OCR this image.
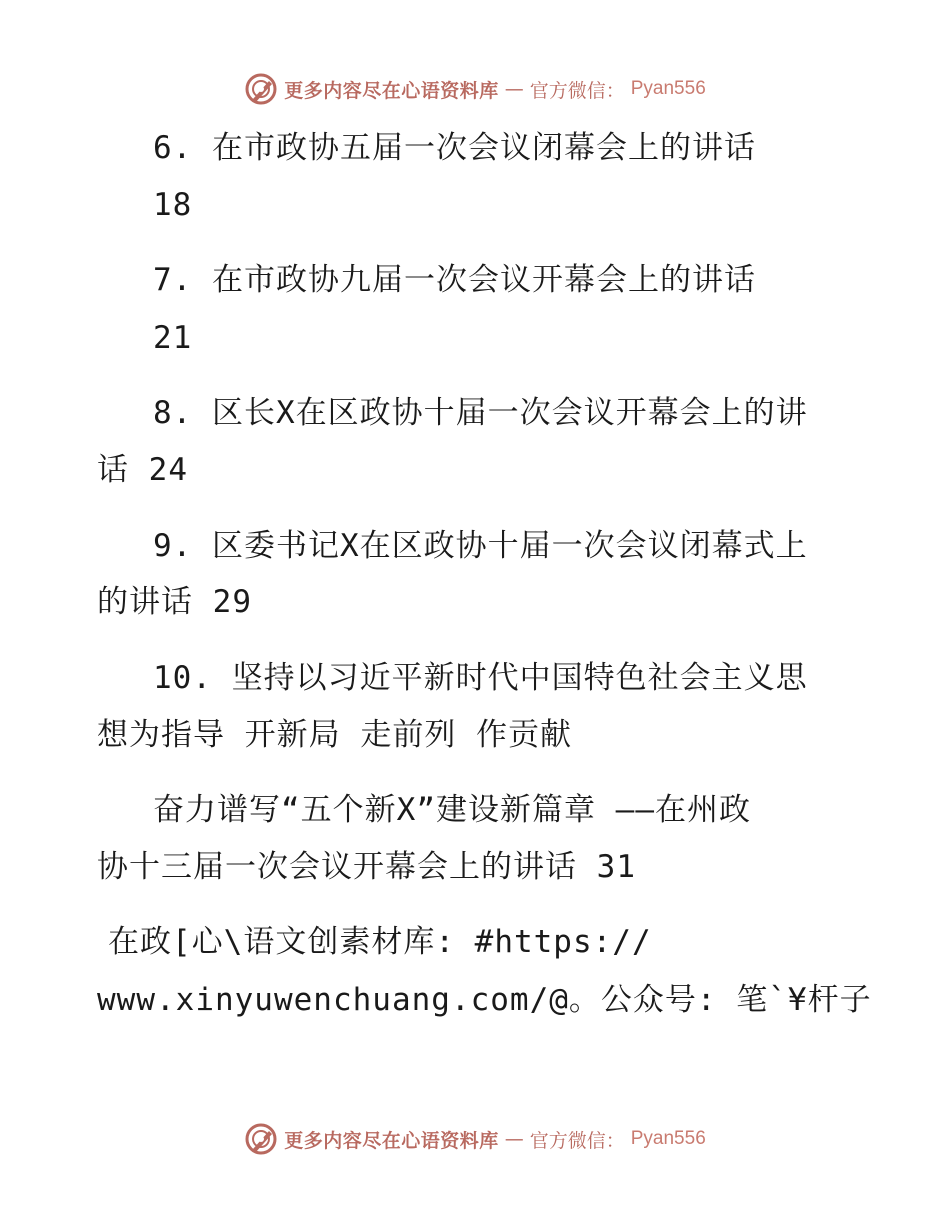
更多内容尽在心语资料库 — 官方微信： Pyan556
6. 在市政协五届一次会议闭幕会上的讲话
18
7. 在市政协九届一次会议开幕会上的讲话
21
8. 区长X在区政协十届一次会议开幕会上的讲
话 24
9. 区委书记X在区政协十届一次会议闭幕式上
的讲话 29
10. 坚持以习近平新时代中国特色社会主义思
想为指导 开新局 走前列 作贡献
奋力谱写“五个新X”建设新篇章 ——在州政
协十三届一次会议开幕会上的讲话 31
在政[心\语文创素材库: #https://
www.xinyuwenchuang.com/@。公众号: 笔`¥杆子
更多内容尽在心语资料库 — 官方微信： Pyan556
